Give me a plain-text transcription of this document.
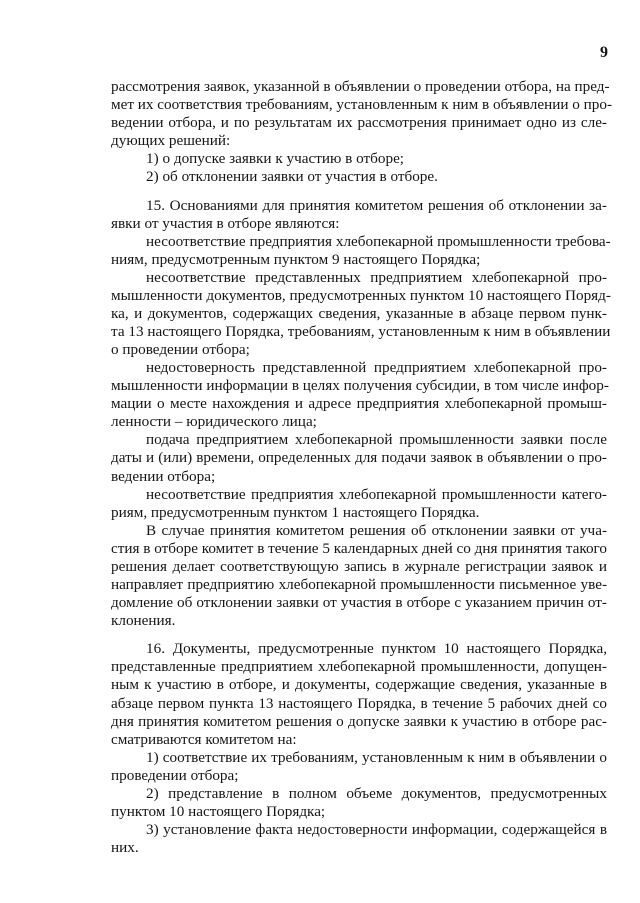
9
рассмотрения заявок, указанной в объявлении о проведении отбора, на пред-
мет их соответствия требованиям, установленным к ним в объявлении о про-
ведении отбора, и по результатам их рассмотрения принимает одно из сле-
дующих решений:
1) о допуске заявки к участию в отборе;
2) об отклонении заявки от участия в отборе.
15. Основаниями для принятия комитетом решения об отклонении за-
явки от участия в отборе являются:
несоответствие предприятия хлебопекарной промышленности требова-
ниям, предусмотренным пунктом 9 настоящего Порядка;
несоответствие представленных предприятием хлебопекарной про-
мышленности документов, предусмотренных пунктом 10 настоящего Поряд-
ка, и документов, содержащих сведения, указанные в абзаце первом пунк-
та 13 настоящего Порядка, требованиям, установленным к ним в объявлении
о проведении отбора;
недостоверность представленной предприятием хлебопекарной про-
мышленности информации в целях получения субсидии, в том числе инфор-
мации о месте нахождения и адресе предприятия хлебопекарной промыш-
ленности – юридического лица;
подача предприятием хлебопекарной промышленности заявки после
даты и (или) времени, определенных для подачи заявок в объявлении о про-
ведении отбора;
несоответствие предприятия хлебопекарной промышленности катего-
риям, предусмотренным пунктом 1 настоящего Порядка.
В случае принятия комитетом решения об отклонении заявки от уча-
стия в отборе комитет в течение 5 календарных дней со дня принятия такого
решения делает соответствующую запись в журнале регистрации заявок и
направляет предприятию хлебопекарной промышленности письменное уве-
домление об отклонении заявки от участия в отборе с указанием причин от-
клонения.
16. Документы, предусмотренные пунктом 10 настоящего Порядка,
представленные предприятием хлебопекарной промышленности, допущен-
ным к участию в отборе, и документы, содержащие сведения, указанные в
абзаце первом пункта 13 настоящего Порядка, в течение 5 рабочих дней со
дня принятия комитетом решения о допуске заявки к участию в отборе рас-
сматриваются комитетом на:
1) соответствие их требованиям, установленным к ним в объявлении о
проведении отбора;
2) представление в полном объеме документов, предусмотренных
пунктом 10 настоящего Порядка;
3) установление факта недостоверности информации, содержащейся в
них.
